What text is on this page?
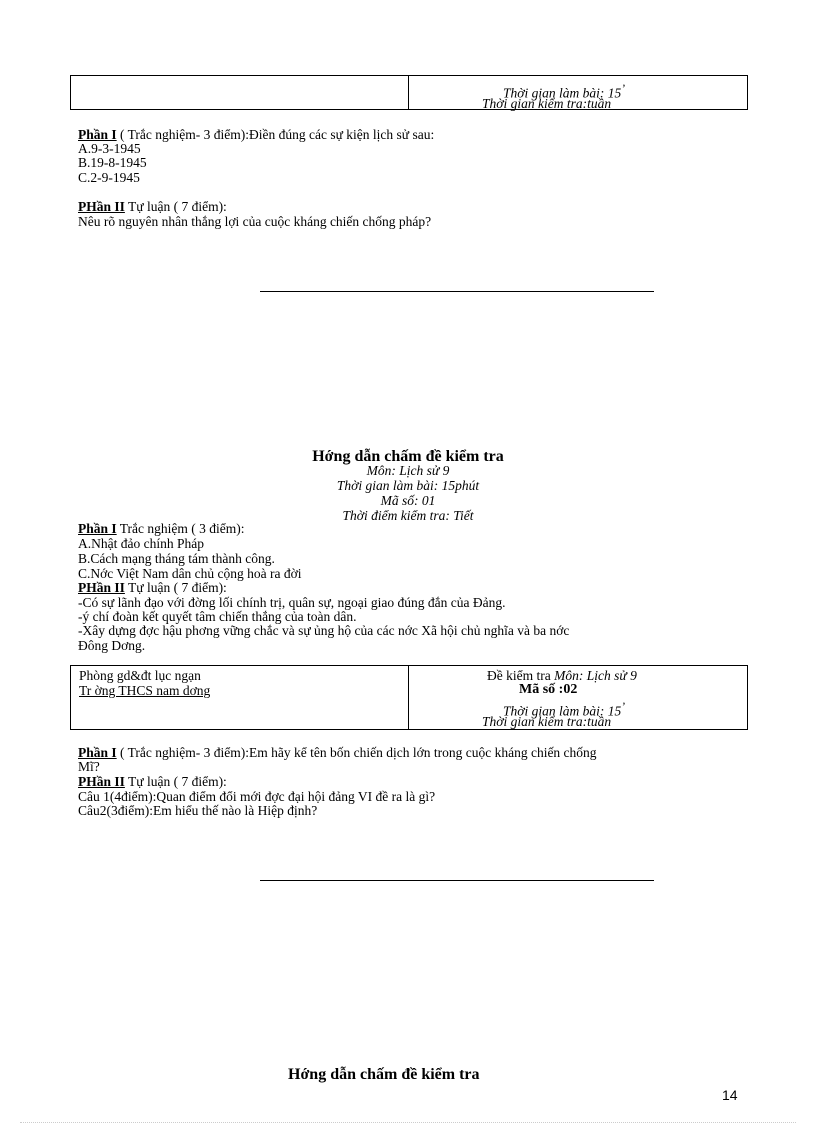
Thời gian làm bài: 15’
Thời gian kiểm tra:tuần
Phần I ( Trắc nghiệm- 3 điểm):Điền đúng các sự kiện lịch sử sau:
A.9-3-1945
B.19-8-1945
C.2-9-1945
PHần II Tự luận ( 7 điểm):
Nêu rõ nguyên nhân thắng lợi của cuộc kháng chiến chống pháp?
Hớng dẫn chấm đề kiểm tra
Môn: Lịch sử 9
Thời gian làm bài: 15phút
Mã số: 01
Thời điểm kiểm tra: Tiết
Phần I Trắc nghiệm ( 3 điểm):
A.Nhật đảo chính Pháp
B.Cách mạng tháng tám thành công.
C.Nớc Việt Nam dân chủ cộng hoà ra đời
PHần II Tự luận ( 7 điểm):
-Có sự lãnh đạo với đờng lối chính trị, quân sự, ngoại giao đúng đắn của Đảng.
-ý chí đoàn kết quyết tâm chiến thắng của toàn dân.
-Xây dựng đợc hậu phơng vững chắc và sự ủng hộ của các nớc Xã hội chủ nghĩa và ba nớc
Đông Dơng.
Phòng gd&đt lục ngạn
Tr ờng THCS nam dơng
Đề kiểm tra Môn: Lịch sử 9
Mã số :02
Thời gian làm bài: 15’
Thời gian kiểm tra:tuần
Phần I ( Trắc nghiệm- 3 điểm):Em hãy kể tên bốn chiến dịch lớn trong cuộc kháng chiến chống
Mĩ?
PHần II Tự luận ( 7 điểm):
Câu 1(4điểm):Quan điểm đổi mới đợc đại hội đảng VI đề ra là gì?
Câu2(3điểm):Em hiểu thế nào là Hiệp định?
Hớng dẫn chấm đề kiểm tra
14
